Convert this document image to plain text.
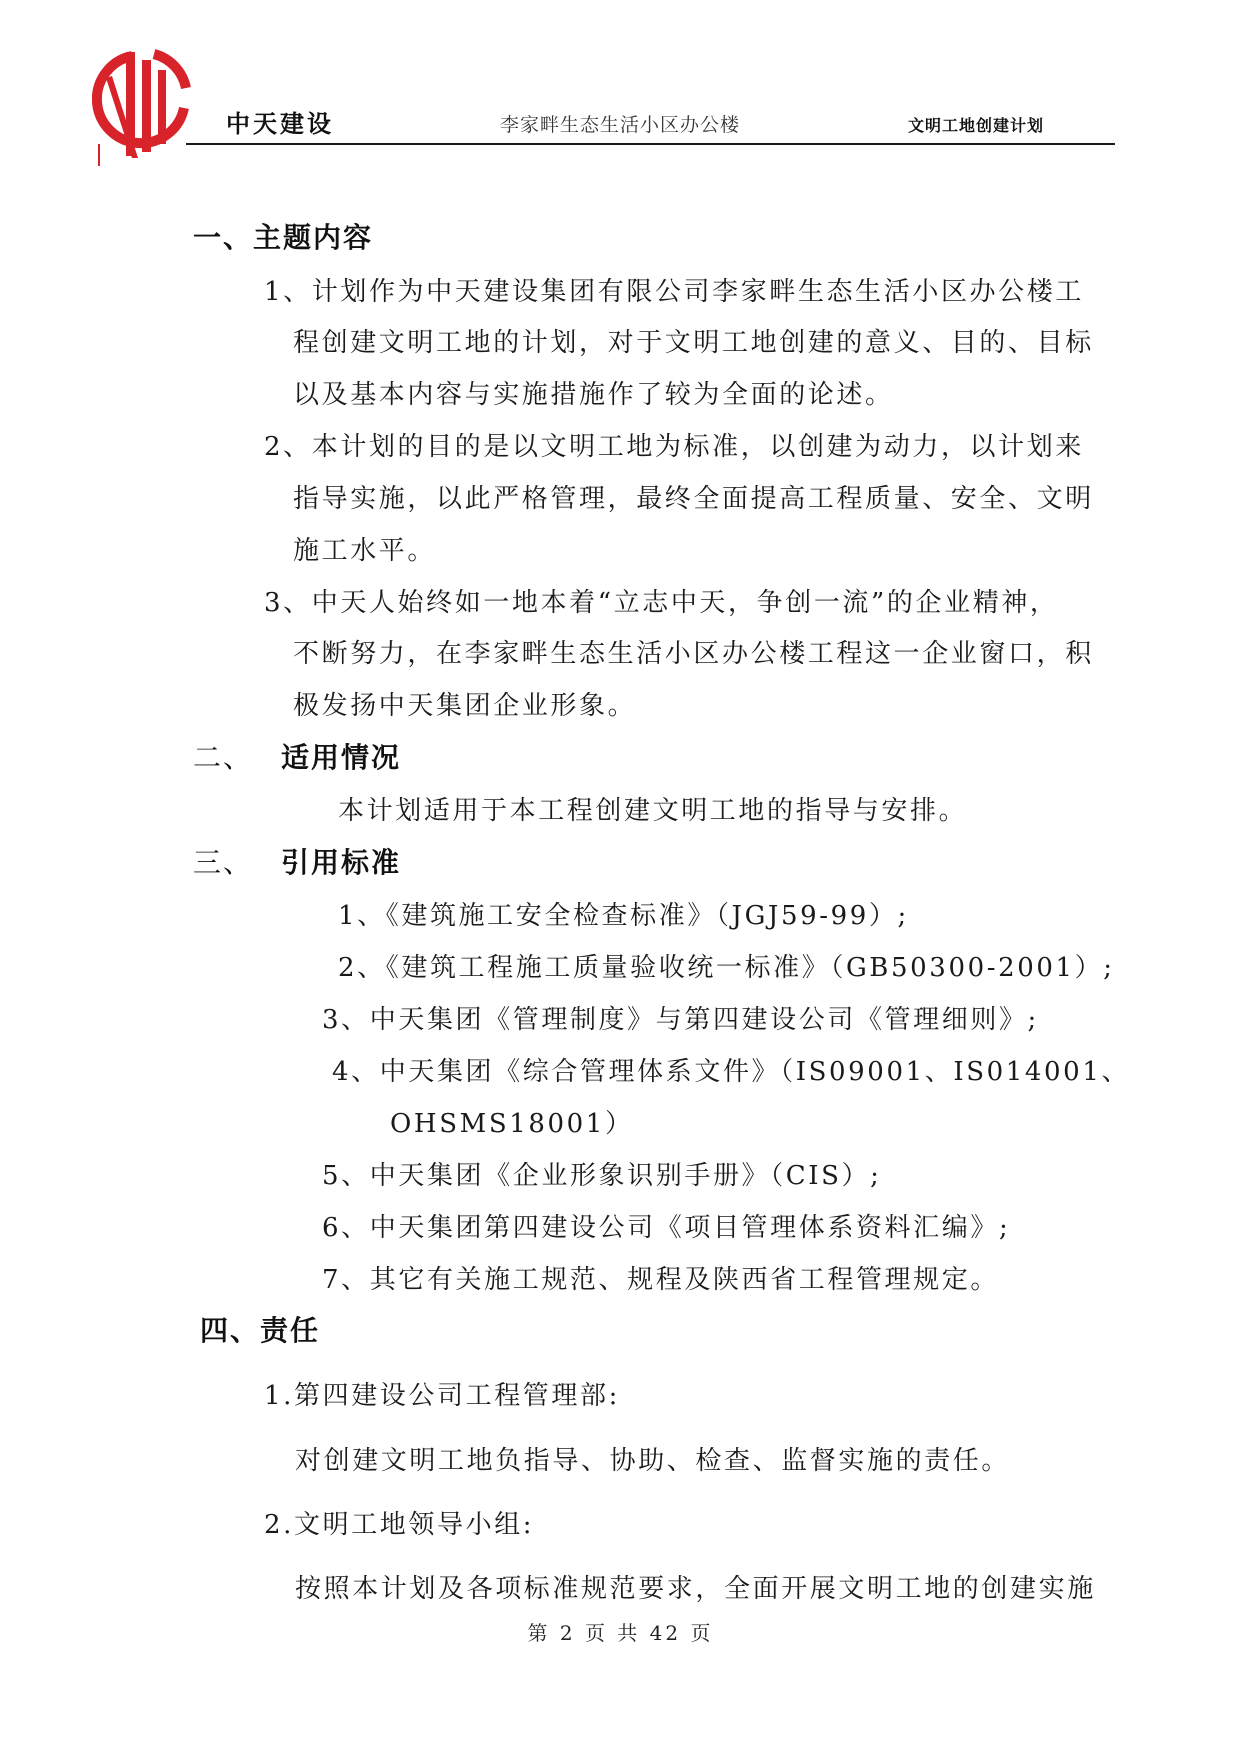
中天建设	李家畔生态生活小区办公楼	文明工地创建计划
一、主题内容
1、计划作为中天建设集团有限公司李家畔生态生活小区办公楼工
程创建文明工地的计划，对于文明工地创建的意义、目的、目标
以及基本内容与实施措施作了较为全面的论述。
2、本计划的目的是以文明工地为标准，以创建为动力，以计划来
指导实施，以此严格管理，最终全面提高工程质量、安全、文明
施工水平。
3、中天人始终如一地本着“立志中天，争创一流”的企业精神，
不断努力，在李家畔生态生活小区办公楼工程这一企业窗口，积
极发扬中天集团企业形象。
二、 适用情况
本计划适用于本工程创建文明工地的指导与安排。
三、 引用标准
1、《建筑施工安全检查标准》（JGJ59-99）;
2、《建筑工程施工质量验收统一标准》（GB50300-2001）;
3、中天集团《管理制度》与第四建设公司《管理细则》;
4、中天集团《综合管理体系文件》（IS09001、IS014001、
OHSMS18001）
5、中天集团《企业形象识别手册》（CIS）;
6、中天集团第四建设公司《项目管理体系资料汇编》;
7、其它有关施工规范、规程及陕西省工程管理规定。
四、责任
1.第四建设公司工程管理部:
对创建文明工地负指导、协助、检查、监督实施的责任。
2.文明工地领导小组:
按照本计划及各项标准规范要求，全面开展文明工地的创建实施
第 2 页 共 42 页
